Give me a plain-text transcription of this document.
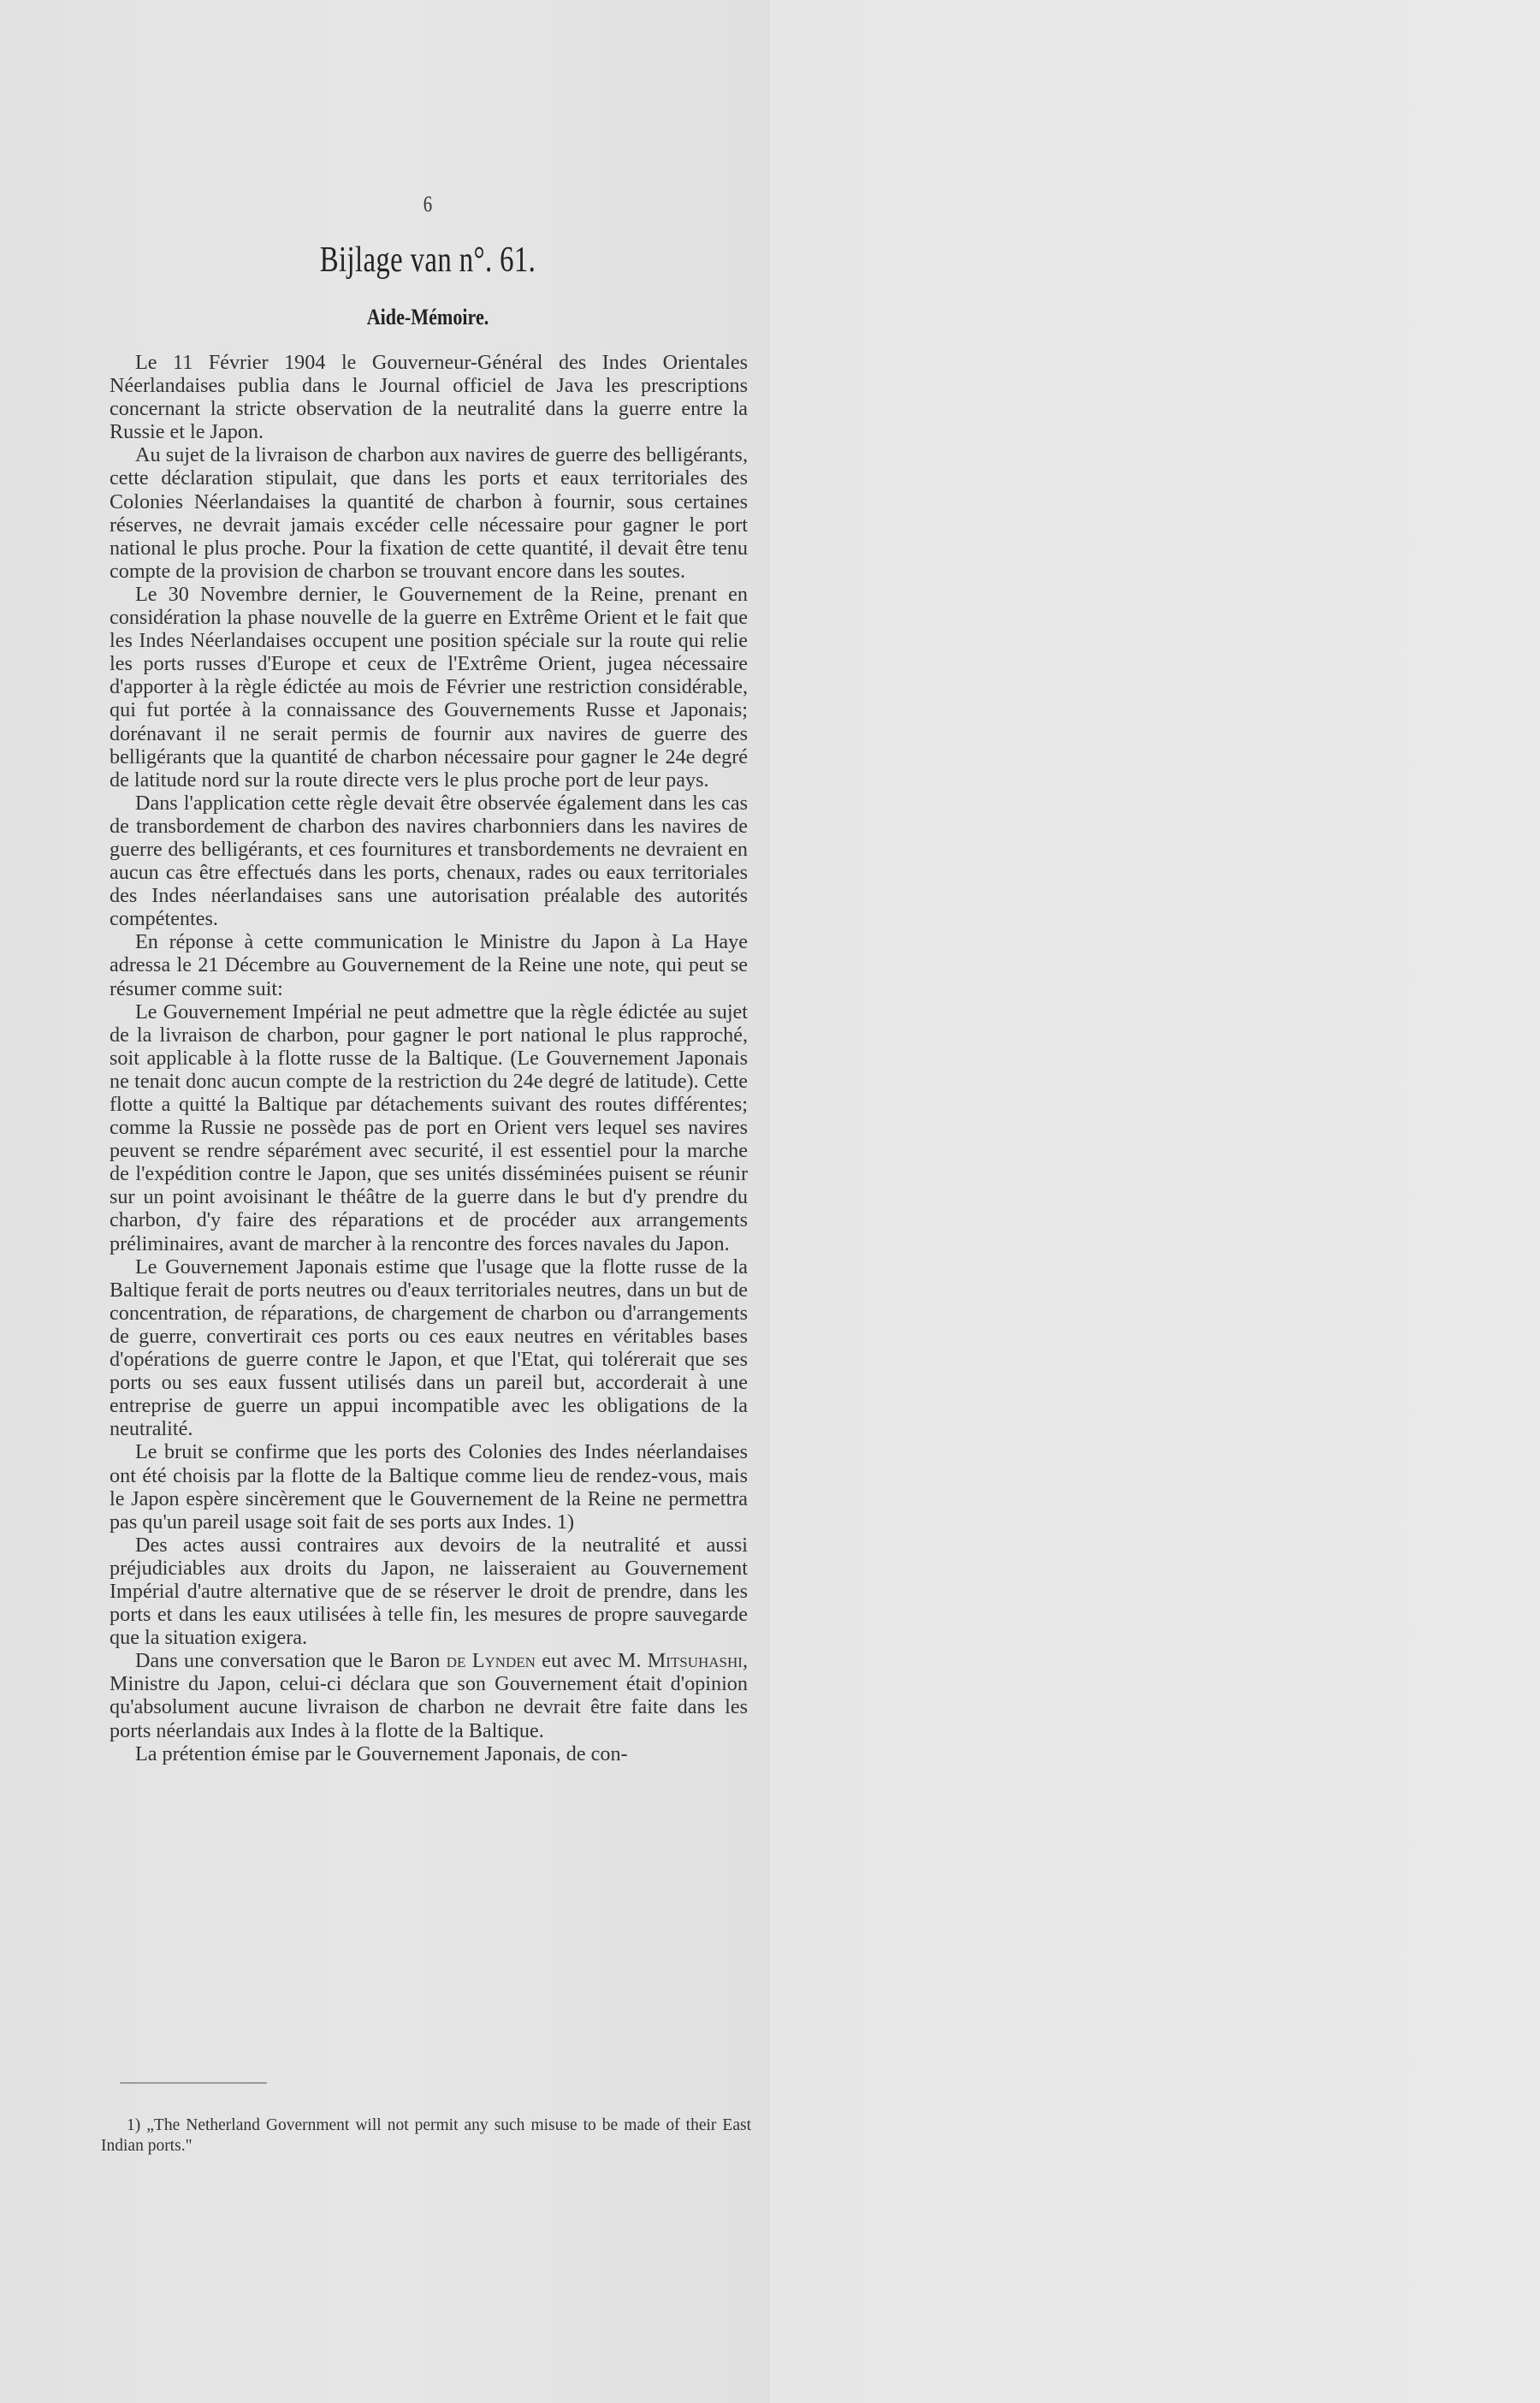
6
Bijlage van n°. 61.
Aide-Mémoire.

Le 11 Février 1904 le Gouverneur-Général des Indes Orientales Néerlandaises publia dans le Journal officiel de Java les prescriptions concernant la stricte observation de la neutralité dans la guerre entre la Russie et le Japon.

Au sujet de la livraison de charbon aux navires de guerre des belligérants, cette déclaration stipulait, que dans les ports et eaux territoriales des Colonies Néerlandaises la quantité de charbon à fournir, sous certaines réserves, ne devrait jamais excéder celle nécessaire pour gagner le port national le plus proche. Pour la fixation de cette quantité, il devait être tenu compte de la provision de charbon se trouvant encore dans les soutes.

Le 30 Novembre dernier, le Gouvernement de la Reine, prenant en considération la phase nouvelle de la guerre en Extrême Orient et le fait que les Indes Néerlandaises occupent une position spéciale sur la route qui relie les ports russes d'Europe et ceux de l'Extrême Orient, jugea nécessaire d'apporter à la règle édictée au mois de Février une restriction considérable, qui fut portée à la connaissance des Gouvernements Russe et Japonais; dorénavant il ne serait permis de fournir aux navires de guerre des belligérants que la quantité de charbon nécessaire pour gagner le 24e degré de latitude nord sur la route directe vers le plus proche port de leur pays.

Dans l'application cette règle devait être observée également dans les cas de transbordement de charbon des navires charbonniers dans les navires de guerre des belligérants, et ces fournitures et transbordements ne devraient en aucun cas être effectués dans les ports, chenaux, rades ou eaux territoriales des Indes néerlandaises sans une autorisation préalable des autorités compétentes.

En réponse à cette communication le Ministre du Japon à La Haye adressa le 21 Décembre au Gouvernement de la Reine une note, qui peut se résumer comme suit:

Le Gouvernement Impérial ne peut admettre que la règle édictée au sujet de la livraison de charbon, pour gagner le port national le plus rapproché, soit applicable à la flotte russe de la Baltique. (Le Gouvernement Japonais ne tenait donc aucun compte de la restriction du 24e degré de latitude). Cette flotte a quitté la Baltique par détachements suivant des routes différentes; comme la Russie ne possède pas de port en Orient vers lequel ses navires peuvent se rendre séparément avec securité, il est essentiel pour la marche de l'expédition contre le Japon, que ses unités disséminées puisent se réunir sur un point avoisinant le théâtre de la guerre dans le but d'y prendre du charbon, d'y faire des réparations et de procéder aux arrangements préliminaires, avant de marcher à la rencontre des forces navales du Japon.

Le Gouvernement Japonais estime que l'usage que la flotte russe de la Baltique ferait de ports neutres ou d'eaux territoriales neutres, dans un but de concentration, de réparations, de chargement de charbon ou d'arrangements de guerre, convertirait ces ports ou ces eaux neutres en véritables bases d'opérations de guerre contre le Japon, et que l'Etat, qui tolérerait que ses ports ou ses eaux fussent utilisés dans un pareil but, accorderait à une entreprise de guerre un appui incompatible avec les obligations de la neutralité.

Le bruit se confirme que les ports des Colonies des Indes néerlandaises ont été choisis par la flotte de la Baltique comme lieu de rendez-vous, mais le Japon espère sincèrement que le Gouvernement de la Reine ne permettra pas qu'un pareil usage soit fait de ses ports aux Indes. 1)

Des actes aussi contraires aux devoirs de la neutralité et aussi préjudiciables aux droits du Japon, ne laisseraient au Gouvernement Impérial d'autre alternative que de se réserver le droit de prendre, dans les ports et dans les eaux utilisées à telle fin, les mesures de propre sauvegarde que la situation exigera.

Dans une conversation que le Baron de Lynden eut avec M. Mitsuhashi, Ministre du Japon, celui-ci déclara que son Gouvernement était d'opinion qu'absolument aucune livraison de charbon ne devrait être faite dans les ports néerlandais aux Indes à la flotte de la Baltique.

La prétention émise par le Gouvernement Japonais, de con-

1) „The Netherland Government will not permit any such misuse to be made of their East Indian ports."
